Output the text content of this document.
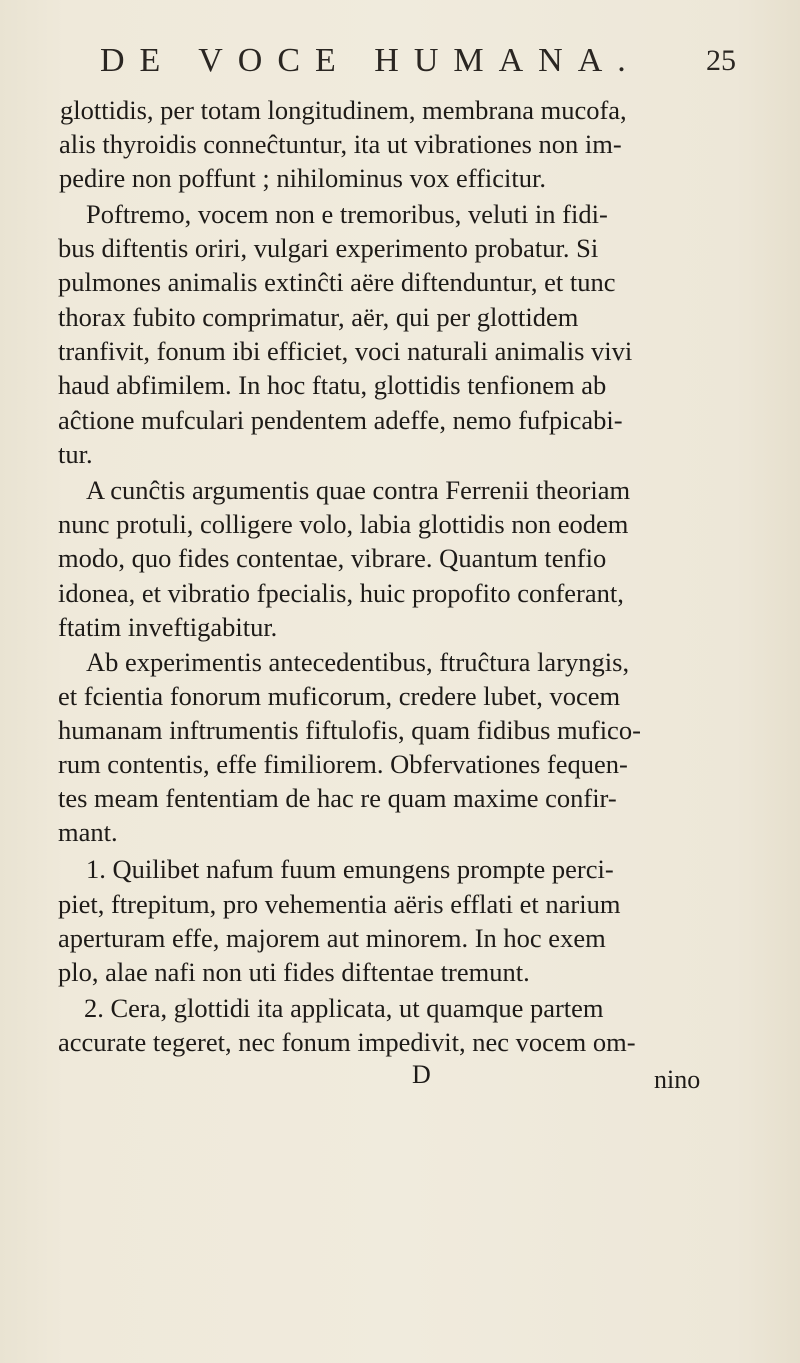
DE VOCE HUMANA. 25
glottidis, per totam longitudinem, membrana mucofa,
alis thyroidis conneĉtuntur, ita ut vibrationes non im-
pedire non poffunt ; nihilominus vox efficitur.
Poftremo, vocem non e tremoribus, veluti in fidi-
bus diftentis oriri, vulgari experimento probatur. Si
pulmones animalis extinĉti aëre diftenduntur, et tunc
thorax fubito comprimatur, aër, qui per glottidem
tranfivit, fonum ibi efficiet, voci naturali animalis vivi
haud abfimilem. In hoc ftatu, glottidis tenfionem ab
aĉtione mufculari pendentem adeffe, nemo fufpicabi-
tur.
A cunĉtis argumentis quae contra Ferrenii theoriam
nunc protuli, colligere volo, labia glottidis non eodem
modo, quo fides contentae, vibrare. Quantum tenfio
idonea, et vibratio fpecialis, huic propofito conferant,
ftatim inveftigabitur.
Ab experimentis antecedentibus, ftruĉtura laryngis,
et fcientia fonorum muficorum, credere lubet, vocem
humanam inftrumentis fiftulofis, quam fidibus mufico-
rum contentis, effe fimiliorem. Obfervationes fequen-
tes meam fententiam de hac re quam maxime confir-
mant.
1. Quilibet nafum fuum emungens prompte perci-
piet, ftrepitum, pro vehementia aëris efflati et narium
aperturam effe, majorem aut minorem. In hoc exem
plo, alae nafi non uti fides diftentae tremunt.
2. Cera, glottidi ita applicata, ut quamque partem
accurate tegeret, nec fonum impedivit, nec vocem om-
D	nino
